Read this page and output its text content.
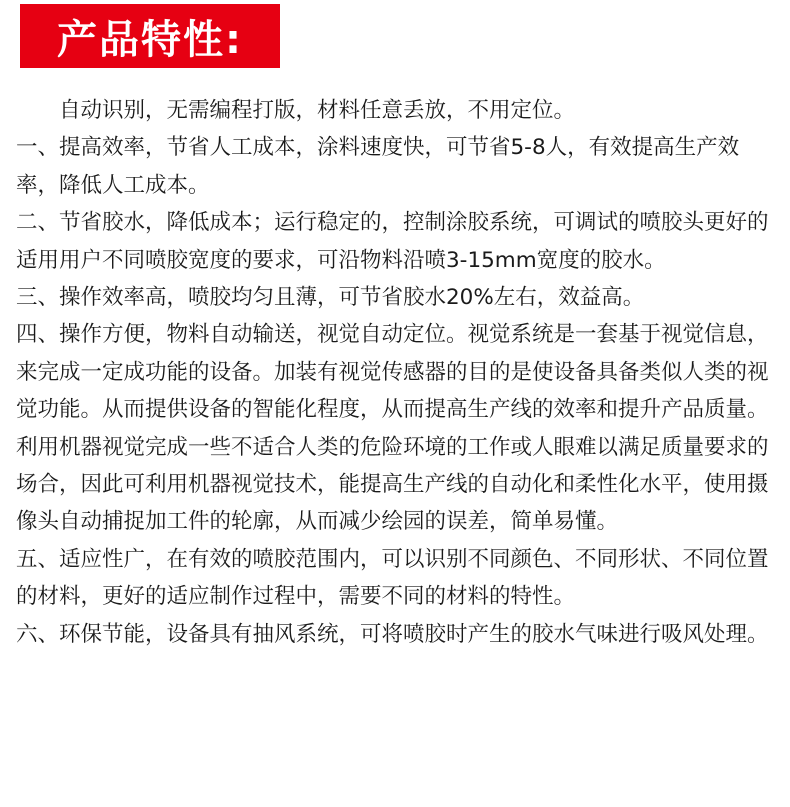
产品特性:

自动识别，无需编程打版，材料任意丢放，不用定位。

一、提高效率，节省人工成本，涂料速度快，可节省5-8人，有效提高生产效率，降低人工成本。

二、节省胶水，降低成本；运行稳定的，控制涂胶系统，可调试的喷胶头更好的适用用户不同喷胶宽度的要求，可沿物料沿喷3-15mm宽度的胶水。

三、操作效率高，喷胶均匀且薄，可节省胶水20%左右，效益高。

四、操作方便，物料自动输送，视觉自动定位。视觉系统是一套基于视觉信息，来完成一定成功能的设备。加装有视觉传感器的目的是使设备具备类似人类的视觉功能。从而提供设备的智能化程度，从而提高生产线的效率和提升产品质量。利用机器视觉完成一些不适合人类的危险环境的工作或人眼难以满足质量要求的场合，因此可利用机器视觉技术，能提高生产线的自动化和柔性化水平，使用摄像头自动捕捉加工件的轮廓，从而减少绘园的误差，简单易懂。

五、适应性广，在有效的喷胶范围内，可以识别不同颜色、不同形状、不同位置的材料，更好的适应制作过程中，需要不同的材料的特性。

六、环保节能，设备具有抽风系统，可将喷胶时产生的胶水气味进行吸风处理。
